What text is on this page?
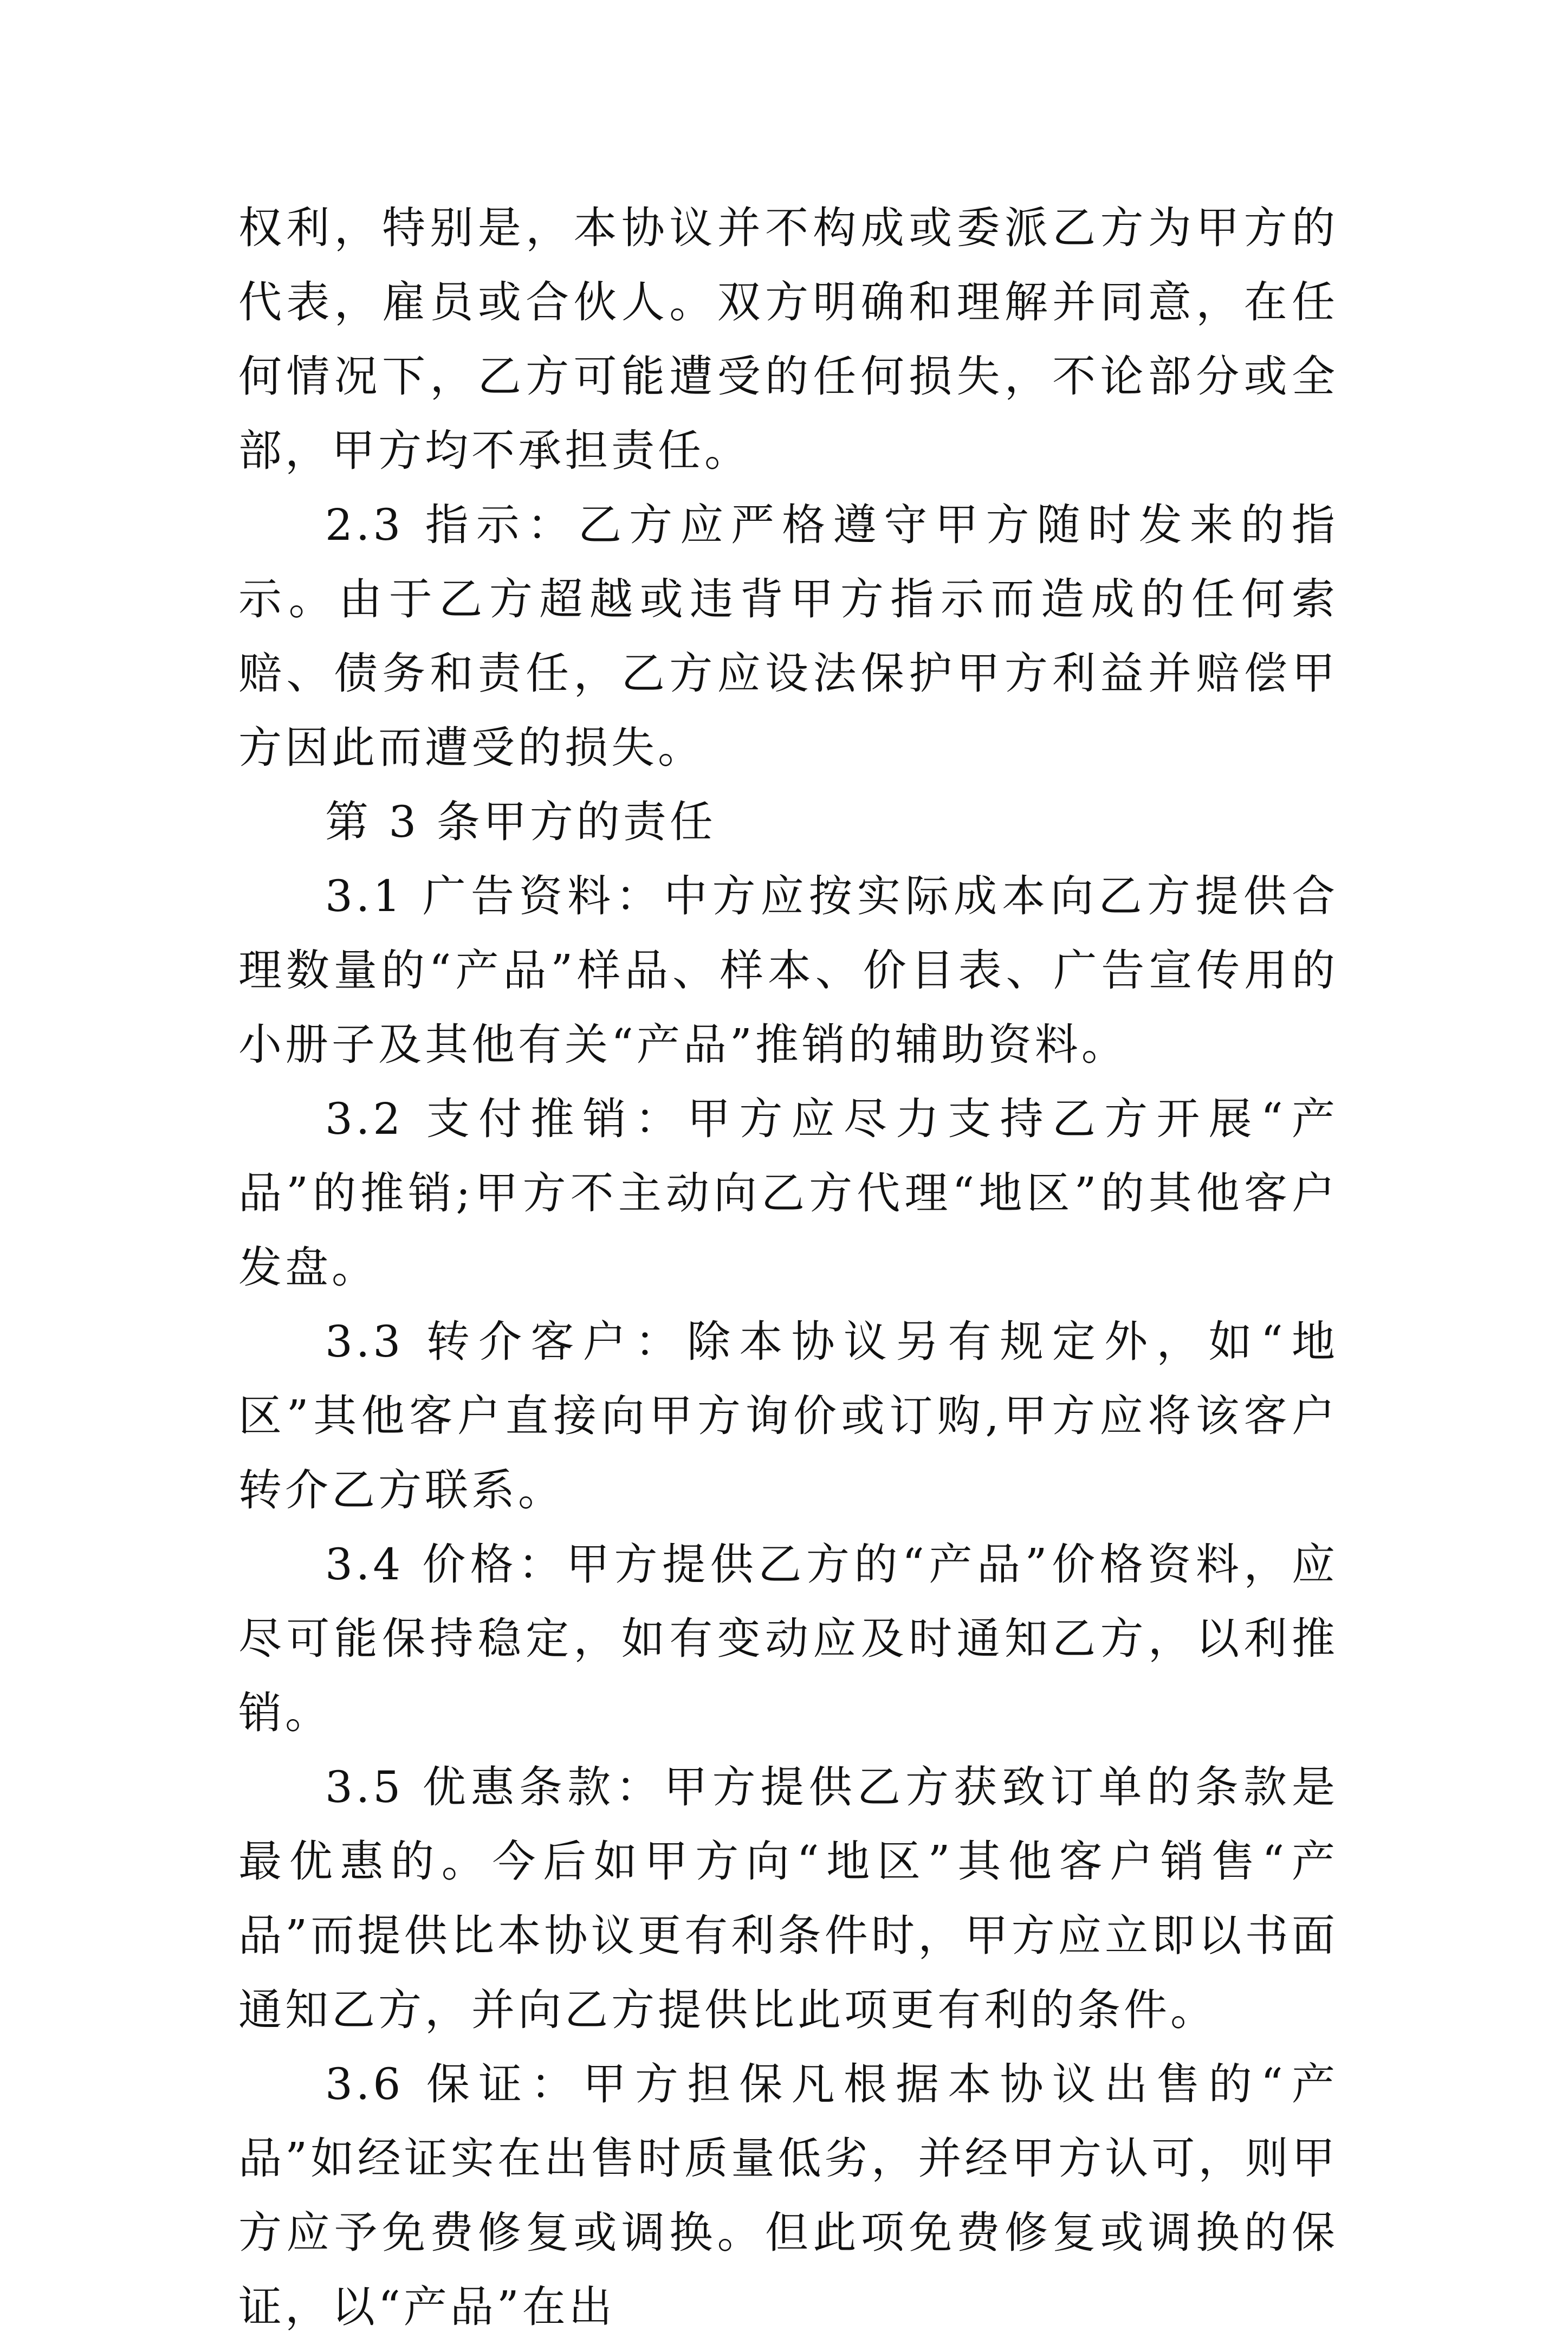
权利，特别是，本协议并不构成或委派乙方为甲方的代表，雇员或合伙人。双方明确和理解并同意，在任何情况下，乙方可能遭受的任何损失，不论部分或全部，甲方均不承担责任。

2.3 指示：乙方应严格遵守甲方随时发来的指示。由于乙方超越或违背甲方指示而造成的任何索赔、债务和责任，乙方应设法保护甲方利益并赔偿甲方因此而遭受的损失。

第 3 条甲方的责任

3.1 广告资料：中方应按实际成本向乙方提供合理数量的“产品”样品、样本、价目表、广告宣传用的小册子及其他有关“产品”推销的辅助资料。

3.2 支付推销：甲方应尽力支持乙方开展“产品”的推销;甲方不主动向乙方代理“地区”的其他客户发盘。

3.3 转介客户：除本协议另有规定外，如“地区”其他客户直接向甲方询价或订购,甲方应将该客户转介乙方联系。

3.4 价格：甲方提供乙方的“产品”价格资料，应尽可能保持稳定，如有变动应及时通知乙方，以利推销。

3.5 优惠条款：甲方提供乙方获致订单的条款是最优惠的。今后如甲方向“地区”其他客户销售“产品”而提供比本协议更有利条件时，甲方应立即以书面通知乙方，并向乙方提供比此项更有利的条件。

3.6 保证：甲方担保凡根据本协议出售的“产品”如经证实在出售时质量低劣，并经甲方认可，则甲方应予免费修复或调换。但此项免费修复或调换的保证，以“产品”在出
